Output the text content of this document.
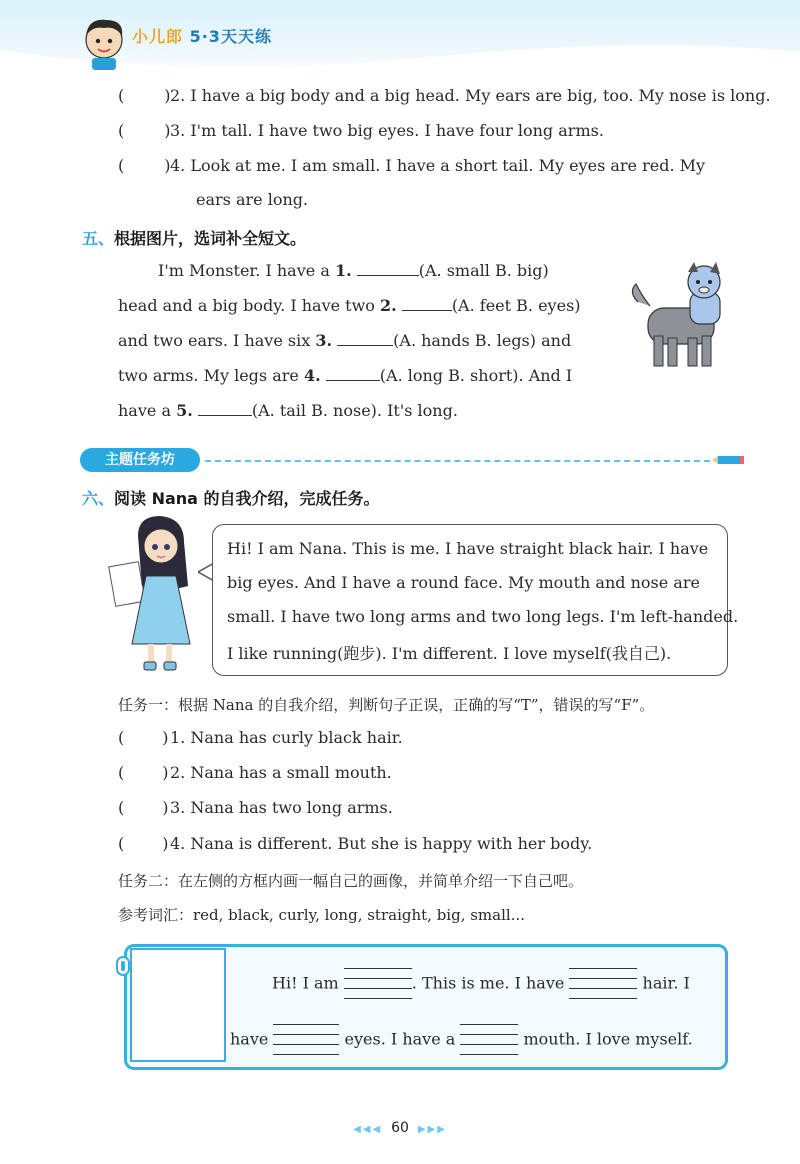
小儿郎 5·3天天练
(	)2. I have a big body and a big head. My ears are big, too. My nose is long.
(	)3. I'm tall. I have two big eyes. I have four long arms.
(	)4. Look at me. I am small. I have a short tail. My eyes are red. My
ears are long.
五、根据图片，选词补全短文。
I'm Monster. I have a 1.	(A. small B. big)
head and a big body. I have two 2.	(A. feet B. eyes)
and two ears. I have six 3.	(A. hands B. legs) and
two arms. My legs are 4.	(A. long B. short). And I
have a 5.	(A. tail B. nose). It's long.
主题任务坊
六、阅读 Nana 的自我介绍，完成任务。

Hi! I am Nana. This is me. I have straight black hair. I have

big eyes. And I have a round face. My mouth and nose are

small. I have two long arms and two long legs. I'm left-handed.

I like running(跑步). I'm different. I love myself(我自己).

任务一：根据 Nana 的自我介绍，判断句子正误，正确的写“T”，错误的写“F”。
( )1. Nana has curly black hair.
( )2. Nana has a small mouth.
( )3. Nana has two long arms.
( )4. Nana is different. But she is happy with her body.
任务二：在左侧的方框内画一幅自己的画像，并简单介绍一下自己吧。
参考词汇：red, black, curly, long, straight, big, small...
Hi! I am	. This is me. I have	hair. I
have	eyes. I have a	mouth. I love myself.
◀◀◀ 60 ▶▶▶
